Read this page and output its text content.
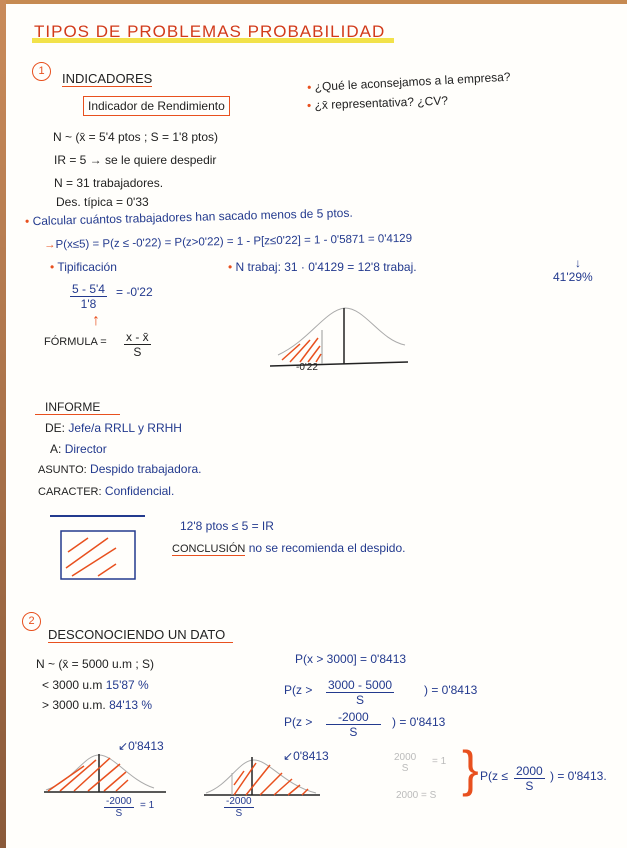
TIPOS DE PROBLEMAS PROBABILIDAD
1	INDICADORES
Indicador de Rendimiento
• ¿Qué le aconsejamos a la empresa?
• ¿x̄ representativa? ¿CV?
N ~ (x̄ = 5'4 ptos ; S = 1'8 ptos)
IR = 5 → se le quiere despedir
N = 31 trabajadores.
Des. típica = 0'33
• Calcular cuántos trabajadores han sacado menos de 5 ptos.
→P(x≤5) = P(z ≤ -0'22) = P(z>0'22) = 1 - P[z≤0'22] = 1 - 0'5871 = 0'4129
↓
41'29%
• Tipificación	• N trabaj: 31 · 0'4129 = 12'8 trabaj.
$\frac{5 - 5'4}{1'8} = -0'22$
↑
FÓRMULA = $\frac{x - x̄}{S}$
-0'22
INFORME
DE: Jefe/a RRLL y RRHH
A: Director
ASUNTO: Despido trabajadora.
CARACTER: Confidencial.
12'8 ptos ≤ 5 = IR
CONCLUSIÓN no se recomienda el despido.
2
DESCONOCIENDO UN DATO
N ~ (x̄ = 5000 u.m ; S)
< 3000 u.m 15'87 %
> 3000 u.m. 84'13 %
P(x > 3000] = 0'8413
$P(z > \frac{3000 - 5000}{S}$ ) = 0'8413
$P(z > \frac{-2000}{S}$ ) = 0'8413
↙0'8413
$\frac{-2000}{S} = 1$
↙0'8413
$\frac{-2000}{S}$
2000
S
= 1
2000 = S } $P(z \le \frac{2000}{S}$ ) = 0'8413.
